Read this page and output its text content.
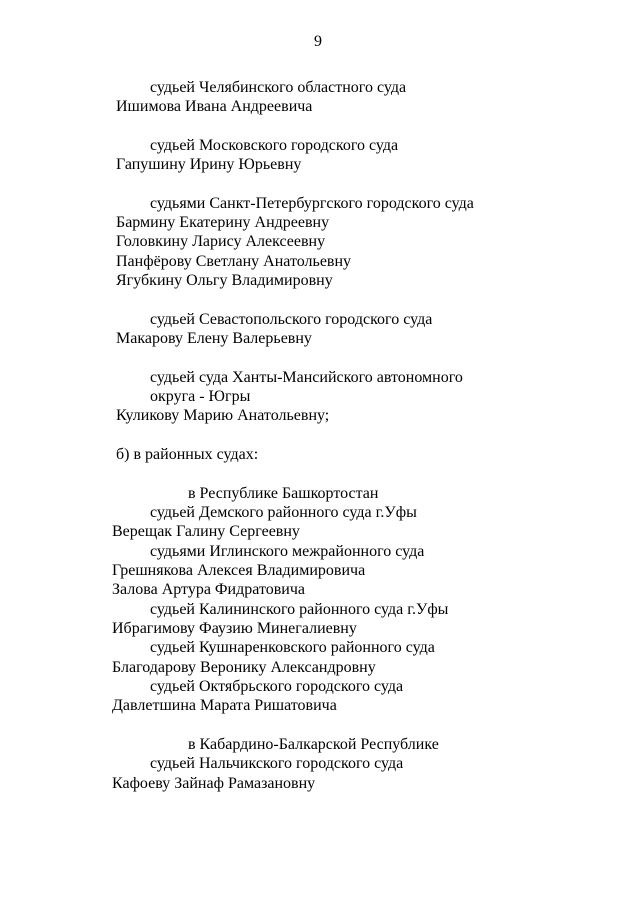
9
судьей Челябинского областного суда
Ишимова Ивана Андреевича
судьей Московского городского суда
Гапушину Ирину Юрьевну
судьями Санкт-Петербургского городского суда
Бармину Екатерину Андреевну
Головкину Ларису Алексеевну
Панфёрову Светлану Анатольевну
Ягубкину Ольгу Владимировну
судьей Севастопольского городского суда
Макарову Елену Валерьевну
судьей суда Ханты-Мансийского автономного
округа - Югры
Куликову Марию Анатольевну;
б) в районных судах:
в Республике Башкортостан
судьей Демского районного суда г.Уфы
Верещак Галину Сергеевну
судьями Иглинского межрайонного суда
Грешнякова Алексея Владимировича
Залова Артура Фидратовича
судьей Калининского районного суда г.Уфы
Ибрагимову Фаузию Минегалиевну
судьей Кушнаренковского районного суда
Благодарову Веронику Александровну
судьей Октябрьского городского суда
Давлетшина Марата Ришатовича
в Кабардино-Балкарской Республике
судьей Нальчикского городского суда
Кафоеву Зайнаф Рамазановну
